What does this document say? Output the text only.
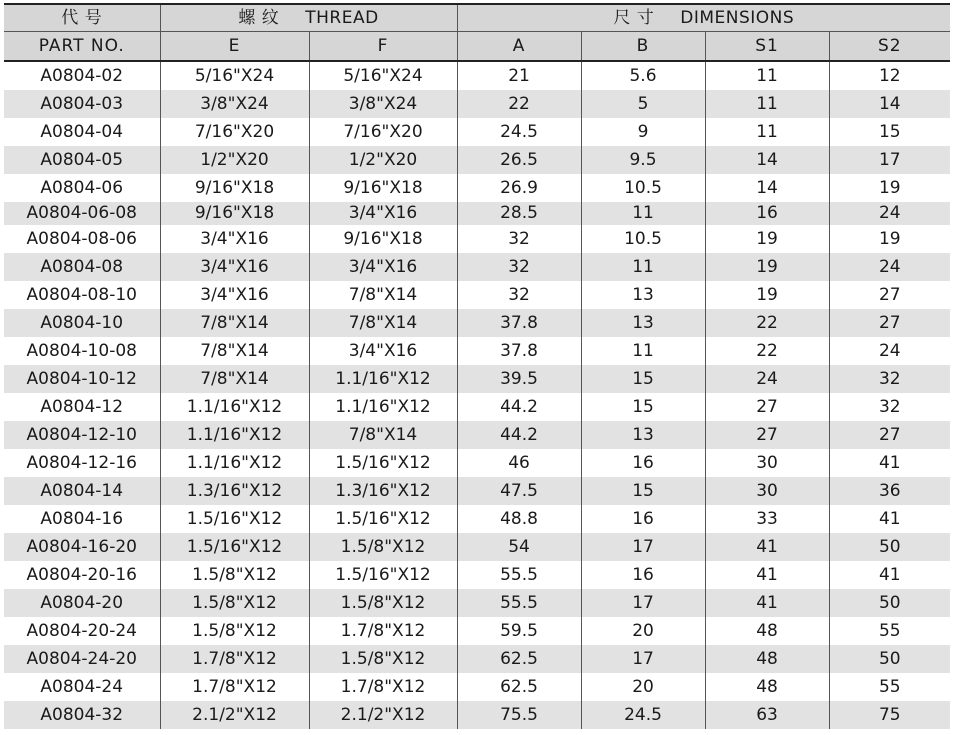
代 号	螺 纹 THREAD		尺 寸 DIMENSIONS			
PART NO.	E	F	A	B	S1	S2
A0804-02	5/16"X24	5/16"X24	21	5.6	11	12
A0804-03	3/8"X24	3/8"X24	22	5	11	14
A0804-04	7/16"X20	7/16"X20	24.5	9	11	15
A0804-05	1/2"X20	1/2"X20	26.5	9.5	14	17
A0804-06	9/16"X18	9/16"X18	26.9	10.5	14	19
A0804-06-08	9/16"X18	3/4"X16	28.5	11	16	24
A0804-08-06	3/4"X16	9/16"X18	32	10.5	19	19
A0804-08	3/4"X16	3/4"X16	32	11	19	24
A0804-08-10	3/4"X16	7/8"X14	32	13	19	27
A0804-10	7/8"X14	7/8"X14	37.8	13	22	27
A0804-10-08	7/8"X14	3/4"X16	37.8	11	22	24
A0804-10-12	7/8"X14	1.1/16"X12	39.5	15	24	32
A0804-12	1.1/16"X12	1.1/16"X12	44.2	15	27	32
A0804-12-10	1.1/16"X12	7/8"X14	44.2	13	27	27
A0804-12-16	1.1/16"X12	1.5/16"X12	46	16	30	41
A0804-14	1.3/16"X12	1.3/16"X12	47.5	15	30	36
A0804-16	1.5/16"X12	1.5/16"X12	48.8	16	33	41
A0804-16-20	1.5/16"X12	1.5/8"X12	54	17	41	50
A0804-20-16	1.5/8"X12	1.5/16"X12	55.5	16	41	41
A0804-20	1.5/8"X12	1.5/8"X12	55.5	17	41	50
A0804-20-24	1.5/8"X12	1.7/8"X12	59.5	20	48	55
A0804-24-20	1.7/8"X12	1.5/8"X12	62.5	17	48	50
A0804-24	1.7/8"X12	1.7/8"X12	62.5	20	48	55
A0804-32	2.1/2"X12	2.1/2"X12	75.5	24.5	63	75
